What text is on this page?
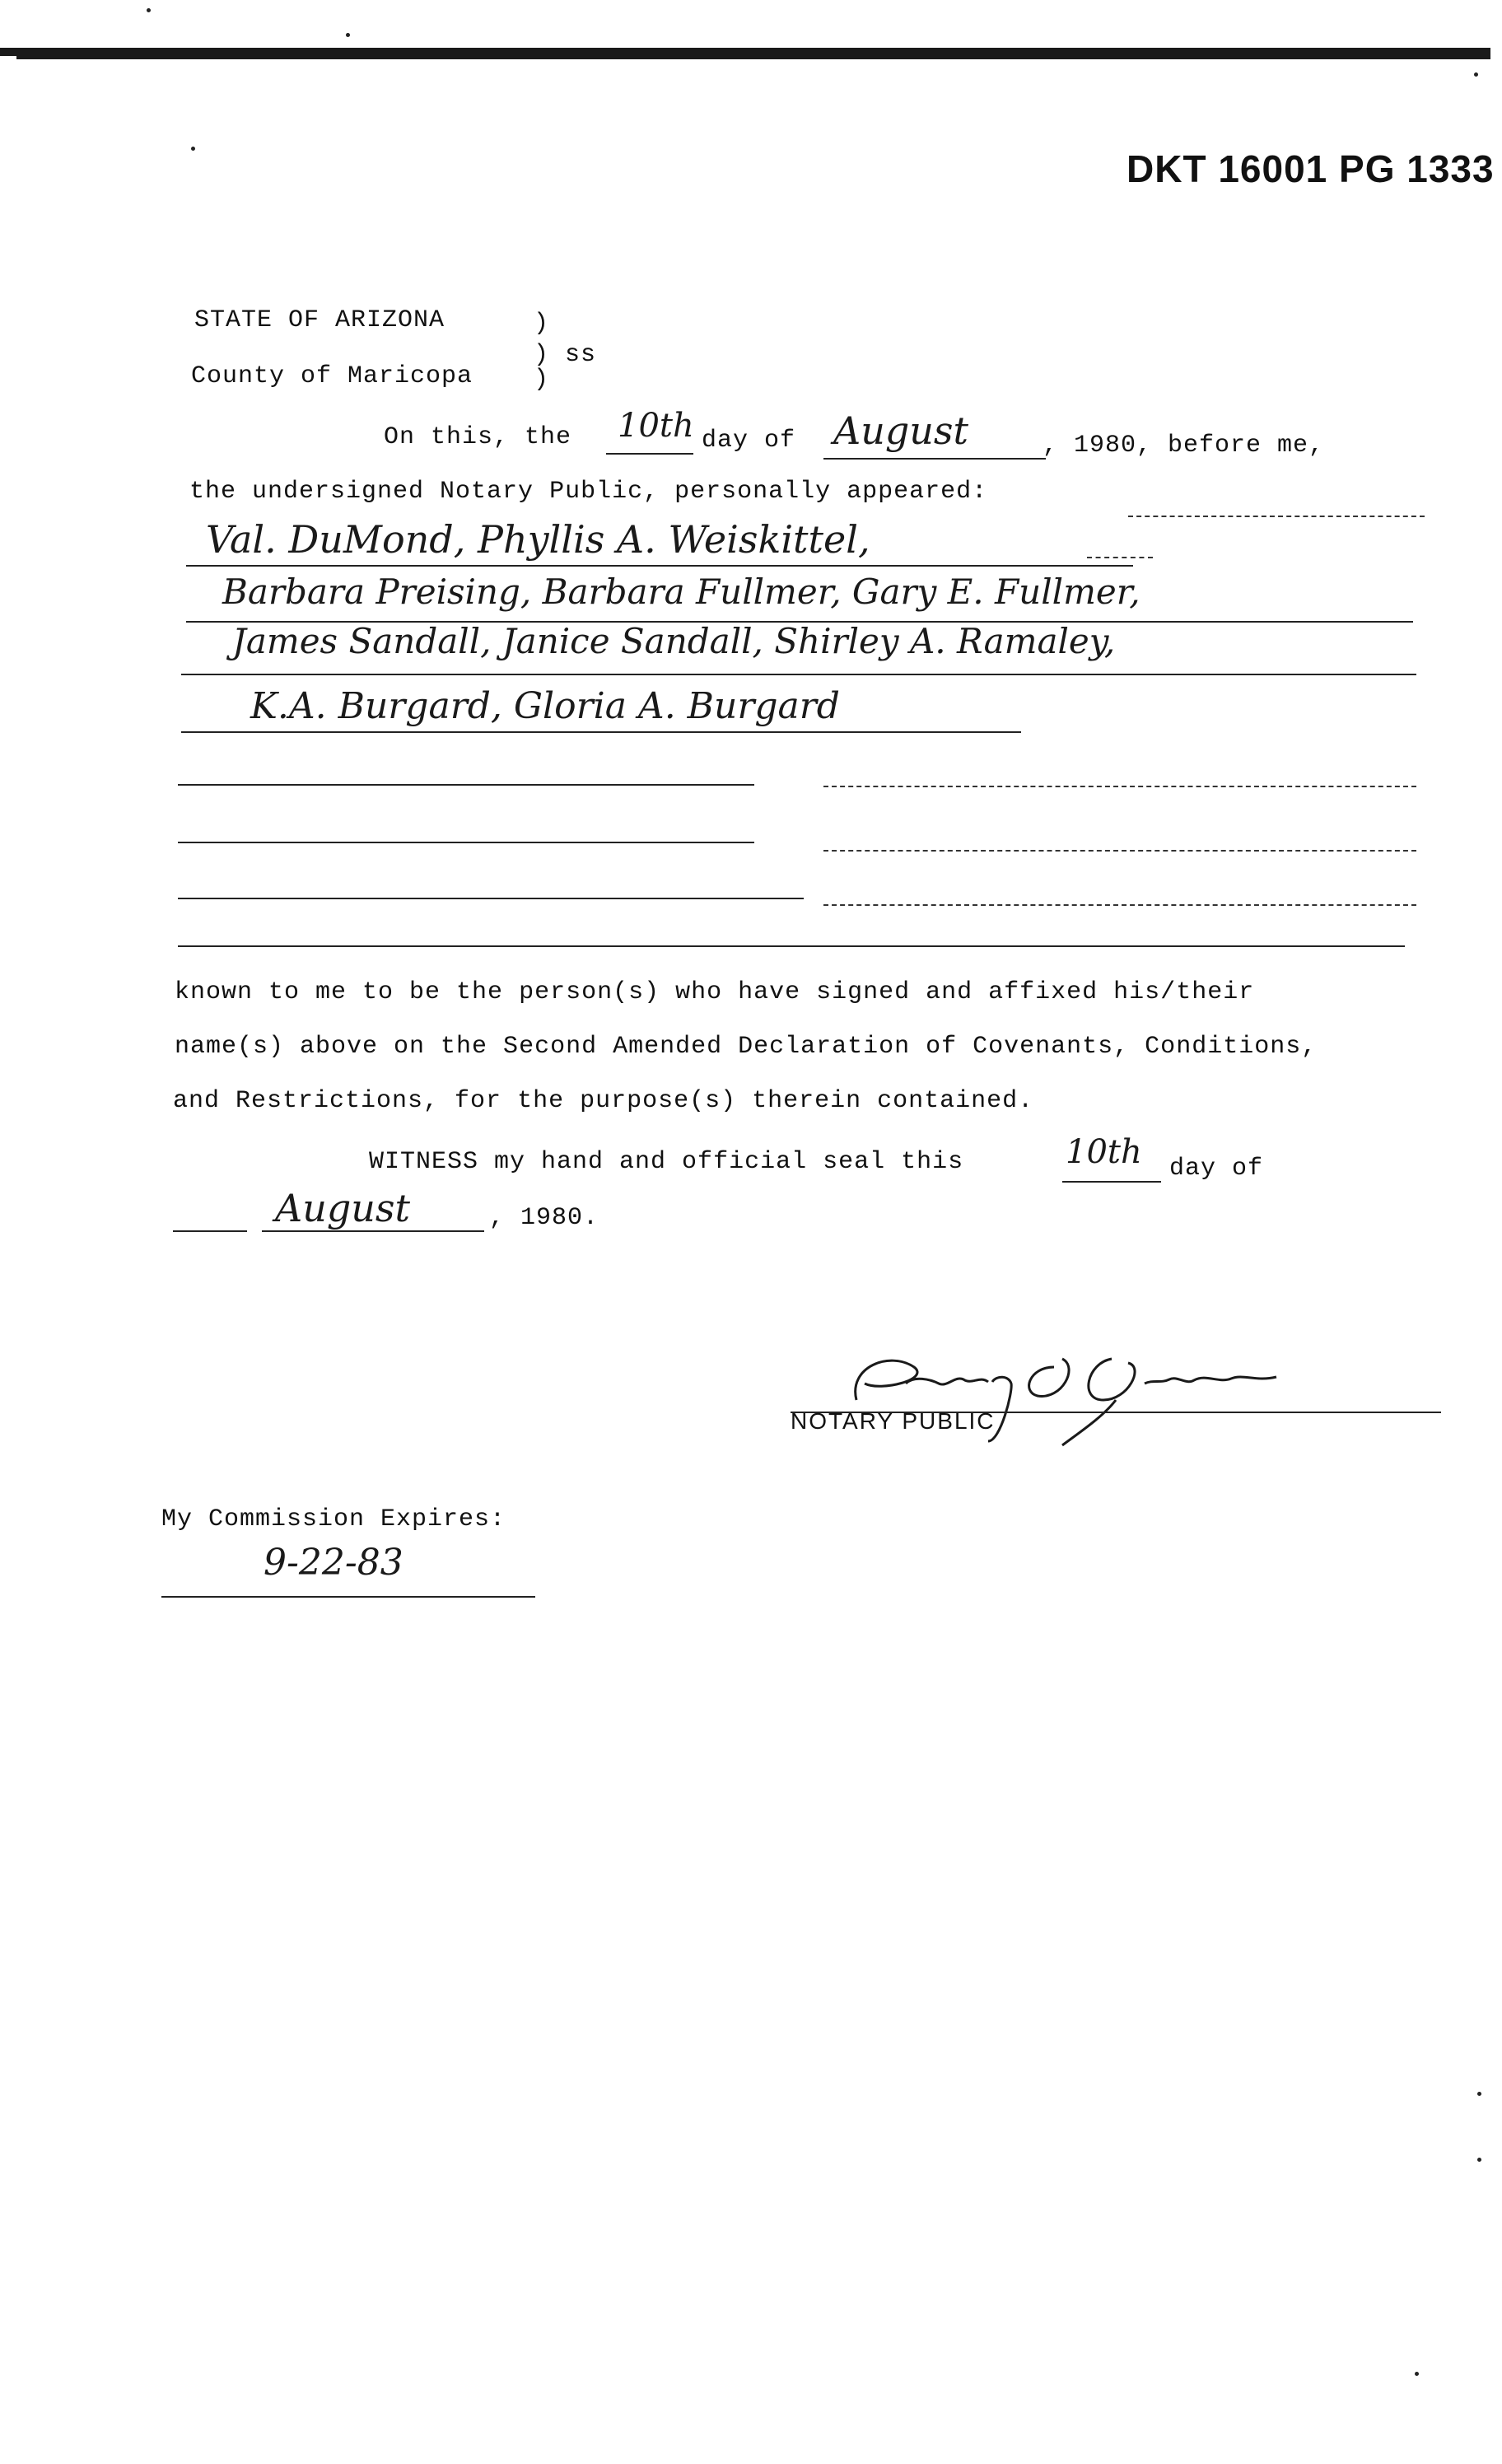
DKT 16001 PG 1333
STATE OF ARIZONA	)
) ss
County of Maricopa )
On this, the 10th day of August	, 1980, before me,
the undersigned Notary Public, personally appeared:
Val. DuMond, Phyllis A. Weiskittel,
Barbara Preising, Barbara Fullmer, Gary E. Fullmer,
James Sandall, Janice Sandall, Shirley A. Ramaley,
K.A. Burgard, Gloria A. Burgard
known to me to be the person(s) who have signed and affixed his/their
name(s) above on the Second Amended Declaration of Covenants, Conditions,
and Restrictions, for the purpose(s) therein contained.
WITNESS my hand and official seal this	10th day of
August	, 1980.
NOTARY PUBLIC
My Commission Expires:
9-22-83
